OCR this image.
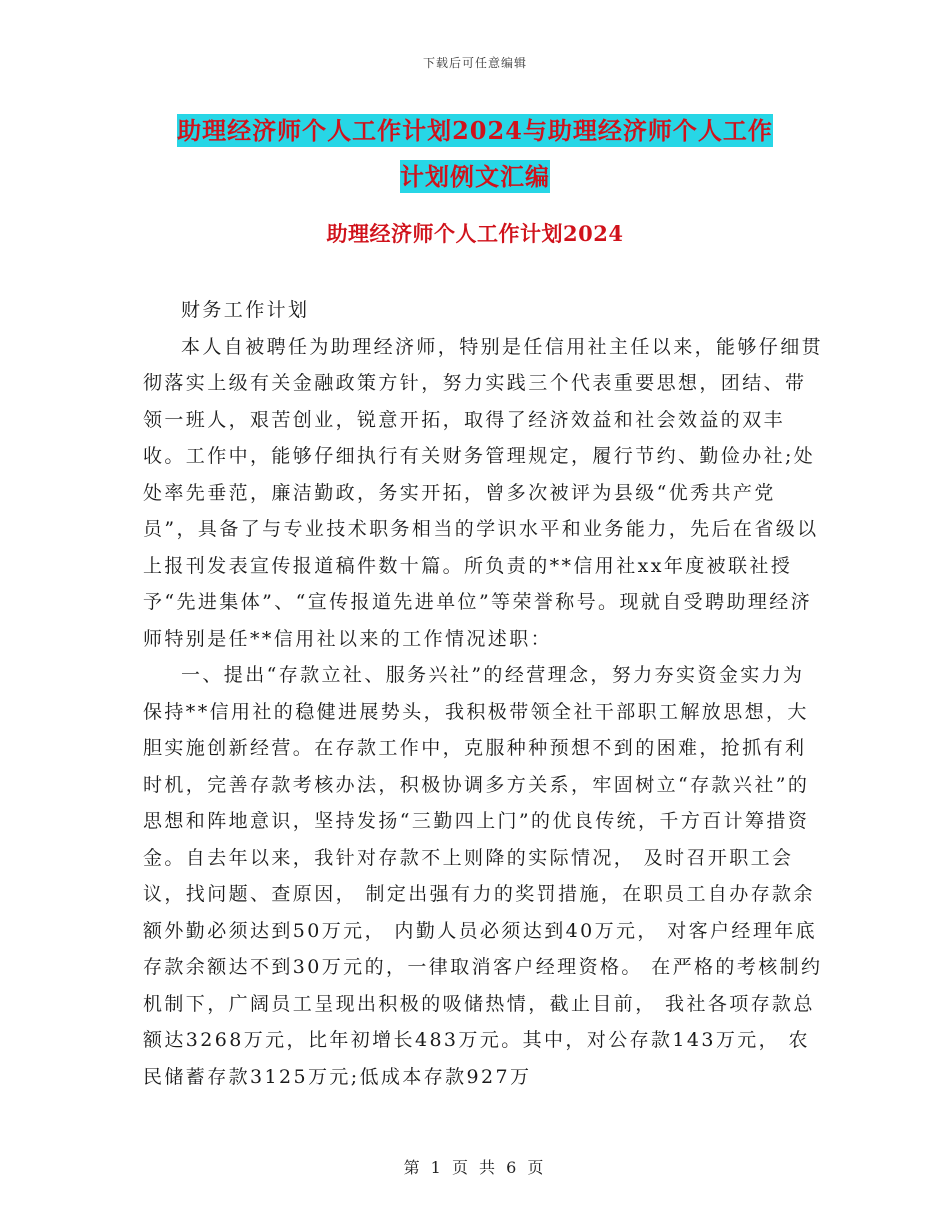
下载后可任意编辑
助理经济师个人工作计划2024与助理经济师个人工作
计划例文汇编
助理经济师个人工作计划2024

财务工作计划

本人自被聘任为助理经济师，特别是任信用社主任以来，能够仔细贯彻落实上级有关金融政策方针，努力实践三个代表重要思想，团结、带领一班人，艰苦创业，锐意开拓，取得了经济效益和社会效益的双丰收。工作中，能够仔细执行有关财务管理规定，履行节约、勤俭办社;处处率先垂范，廉洁勤政，务实开拓，曾多次被评为县级“优秀共产党员”，具备了与专业技术职务相当的学识水平和业务能力，先后在省级以上报刊发表宣传报道稿件数十篇。所负责的**信用社xx年度被联社授予“先进集体”、“宣传报道先进单位”等荣誉称号。现就自受聘助理经济师特别是任**信用社以来的工作情况述职：

一、提出“存款立社、服务兴社”的经营理念，努力夯实资金实力为保持**信用社的稳健进展势头，我积极带领全社干部职工解放思想，大胆实施创新经营。在存款工作中，克服种种预想不到的困难，抢抓有利时机，完善存款考核办法，积极协调多方关系，牢固树立“存款兴社”的思想和阵地意识，坚持发扬“三勤四上门”的优良传统，千方百计筹措资金。自去年以来，我针对存款不上则降的实际情况， 及时召开职工会议，找问题、查原因， 制定出强有力的奖罚措施，在职员工自办存款余额外勤必须达到50万元， 内勤人员必须达到40万元， 对客户经理年底存款余额达不到30万元的，一律取消客户经理资格。 在严格的考核制约机制下，广阔员工呈现出积极的吸储热情，截止目前， 我社各项存款总额达3268万元，比年初增长483万元。其中，对公存款143万元， 农民储蓄存款3125万元;低成本存款927万

第 1 页 共 6 页
